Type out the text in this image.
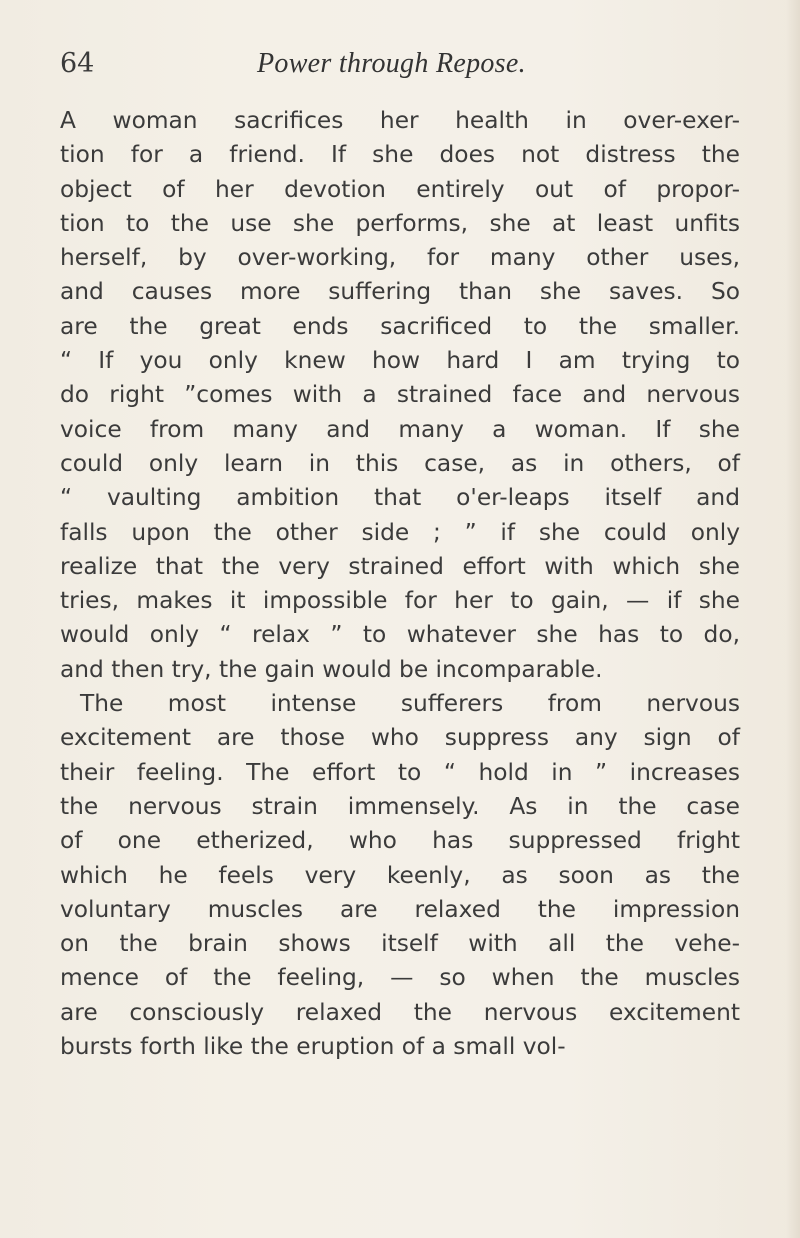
64	Power through Repose.
A woman sacrifices her health in over-exer-
tion for a friend. If she does not distress the
object of her devotion entirely out of propor-
tion to the use she performs, she at least unfits
herself, by over-working, for many other uses,
and causes more suffering than she saves. So
are the great ends sacrificed to the smaller.
“ If you only knew how hard I am trying to
do right ”comes with a strained face and nervous
voice from many and many a woman. If she
could only learn in this case, as in others, of
“ vaulting ambition that o'er-leaps itself and
falls upon the other side ; ” if she could only
realize that the very strained effort with which she
tries, makes it impossible for her to gain, — if she
would only “ relax ” to whatever she has to do,
and then try, the gain would be incomparable.
The most intense sufferers from nervous
excitement are those who suppress any sign of
their feeling. The effort to “ hold in ” increases
the nervous strain immensely. As in the case
of one etherized, who has suppressed fright
which he feels very keenly, as soon as the
voluntary muscles are relaxed the impression
on the brain shows itself with all the vehe-
mence of the feeling, — so when the muscles
are consciously relaxed the nervous excitement
bursts forth like the eruption of a small vol-
